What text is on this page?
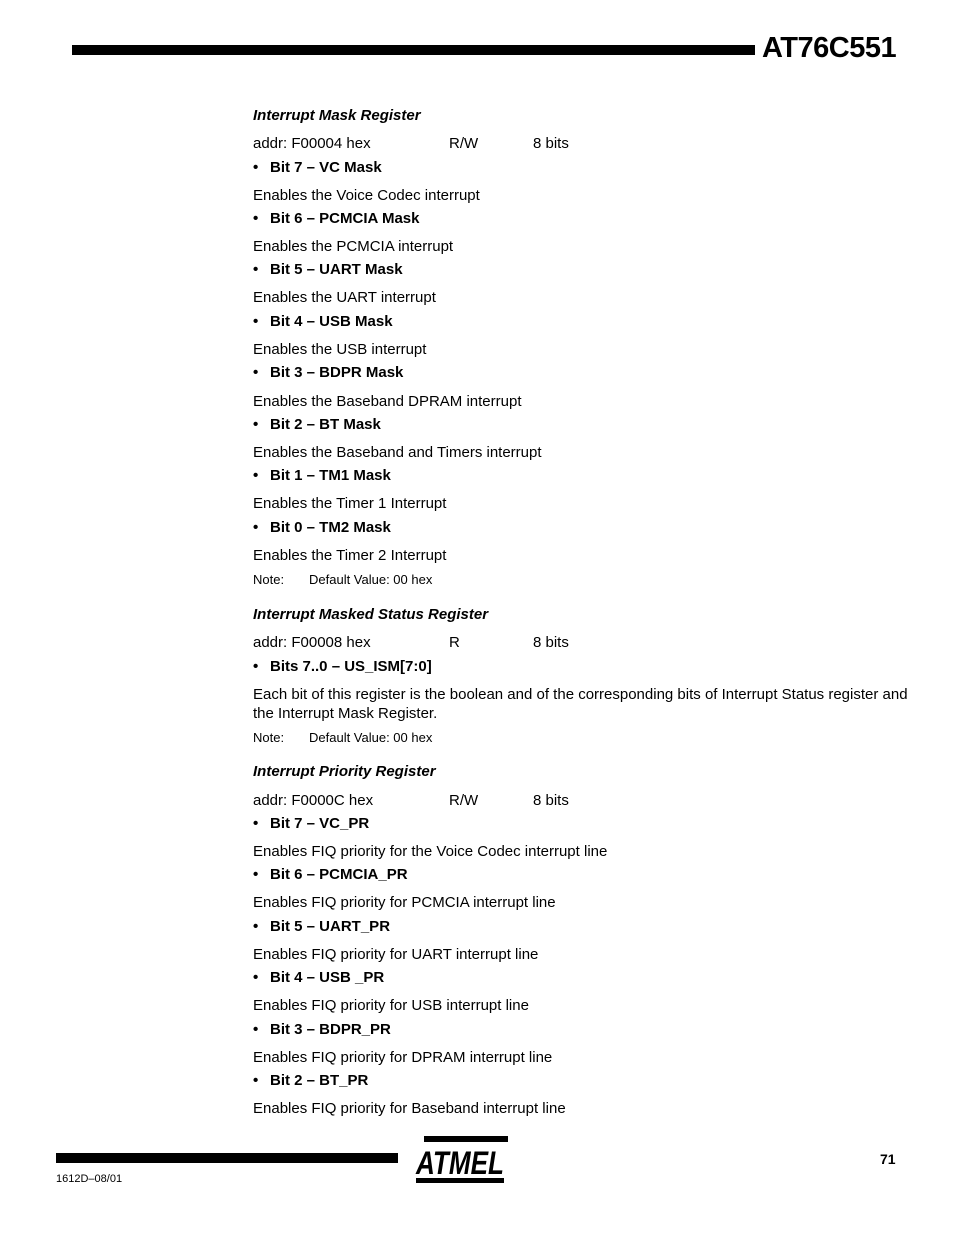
AT76C551
Interrupt Mask Register
addr: F00004 hex	R/W	8 bits
• Bit 7 – VC Mask
Enables the Voice Codec interrupt
• Bit 6 – PCMCIA Mask
Enables the PCMCIA interrupt
• Bit 5 – UART Mask
Enables the UART interrupt
• Bit 4 – USB Mask
Enables the USB interrupt
• Bit 3 – BDPR Mask
Enables the Baseband DPRAM interrupt
• Bit 2 – BT Mask
Enables the Baseband and Timers interrupt
• Bit 1 – TM1 Mask
Enables the Timer 1 Interrupt
• Bit 0 – TM2 Mask
Enables the Timer 2 Interrupt
Note: Default Value: 00 hex
Interrupt Masked Status Register
addr: F00008 hex	R	8 bits
• Bits 7..0 – US_ISM[7:0]
Each bit of this register is the boolean and of the corresponding bits of Interrupt Status register and the Interrupt Mask Register.
Note: Default Value: 00 hex
Interrupt Priority Register
addr: F0000C hex	R/W	8 bits
• Bit 7 – VC_PR
Enables FIQ priority for the Voice Codec interrupt line
• Bit 6 – PCMCIA_PR
Enables FIQ priority for PCMCIA interrupt line
• Bit 5 – UART_PR
Enables FIQ priority for UART interrupt line
• Bit 4 – USB _PR
Enables FIQ priority for USB interrupt line
• Bit 3 – BDPR_PR
Enables FIQ priority for DPRAM interrupt line
• Bit 2 – BT_PR
Enables FIQ priority for Baseband interrupt line
ATMEL	71
1612D–08/01
